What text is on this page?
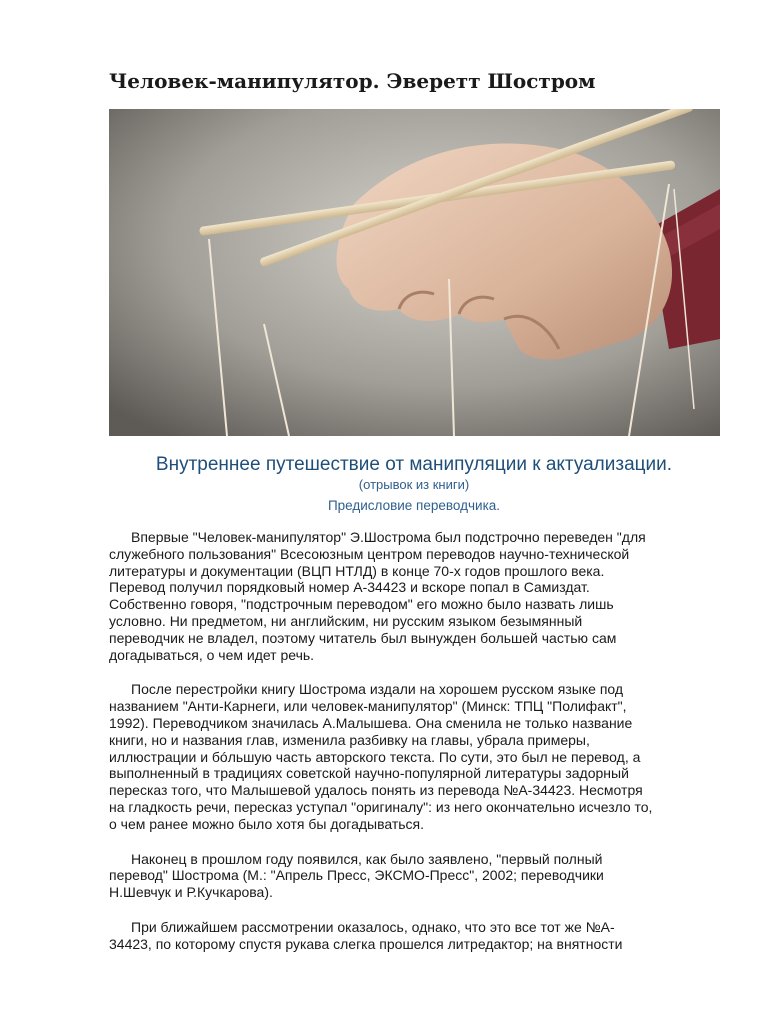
Человек-манипулятор. Эверетт Шостром
Внутреннее путешествие от манипуляции к актуализации.
(отрывок из книги)
Предисловие переводчика.
Впервые "Человек-манипулятор" Э.Шострома был подстрочно переведен "для
служебного пользования" Всесоюзным центром переводов научно-технической
литературы и документации (ВЦП НТЛД) в конце 70-х годов прошлого века.
Перевод получил порядковый номер А-34423 и вскоре попал в Самиздат.
Собственно говоря, "подстрочным переводом" его можно было назвать лишь
условно. Ни предметом, ни английским, ни русским языком безымянный
переводчик не владел, поэтому читатель был вынужден большей частью сам
догадываться, о чем идет речь.
После перестройки книгу Шострома издали на хорошем русском языке под
названием "Анти-Карнеги, или человек-манипулятор" (Минск: ТПЦ "Полифакт",
1992). Переводчиком значилась А.Малышева. Она сменила не только название
книги, но и названия глав, изменила разбивку на главы, убрала примеры,
иллюстрации и бóльшую часть авторского текста. По сути, это был не перевод, а
выполненный в традициях советской научно-популярной литературы задорный
пересказ того, что Малышевой удалось понять из перевода №А-34423. Несмотря
на гладкость речи, пересказ уступал "оригиналу": из него окончательно исчезло то,
о чем ранее можно было хотя бы догадываться.
Наконец в прошлом году появился, как было заявлено, "первый полный
перевод" Шострома (М.: "Апрель Пресс, ЭКСМО-Пресс", 2002; переводчики
Н.Шевчук и Р.Кучкарова).
При ближайшем рассмотрении оказалось, однако, что это все тот же №А-
34423, по которому спустя рукава слегка прошелся литредактор; на внятности
